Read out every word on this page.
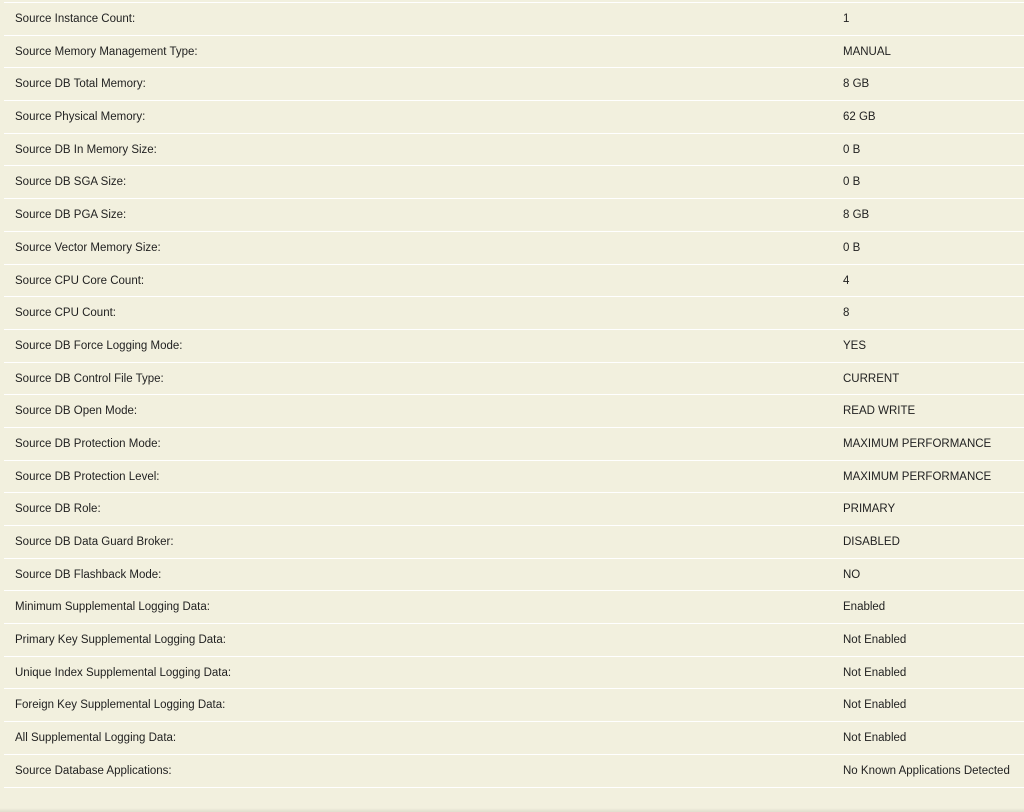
Source Instance Count:	1
Source Memory Management Type:	MANUAL
Source DB Total Memory:	8 GB
Source Physical Memory:	62 GB
Source DB In Memory Size:	0 B
Source DB SGA Size:	0 B
Source DB PGA Size:	8 GB
Source Vector Memory Size:	0 B
Source CPU Core Count:	4
Source CPU Count:	8
Source DB Force Logging Mode:	YES
Source DB Control File Type:	CURRENT
Source DB Open Mode:	READ WRITE
Source DB Protection Mode:	MAXIMUM PERFORMANCE
Source DB Protection Level:	MAXIMUM PERFORMANCE
Source DB Role:	PRIMARY
Source DB Data Guard Broker:	DISABLED
Source DB Flashback Mode:	NO
Minimum Supplemental Logging Data:	Enabled
Primary Key Supplemental Logging Data:	Not Enabled
Unique Index Supplemental Logging Data:	Not Enabled
Foreign Key Supplemental Logging Data:	Not Enabled
All Supplemental Logging Data:	Not Enabled
Source Database Applications:	No Known Applications Detected
